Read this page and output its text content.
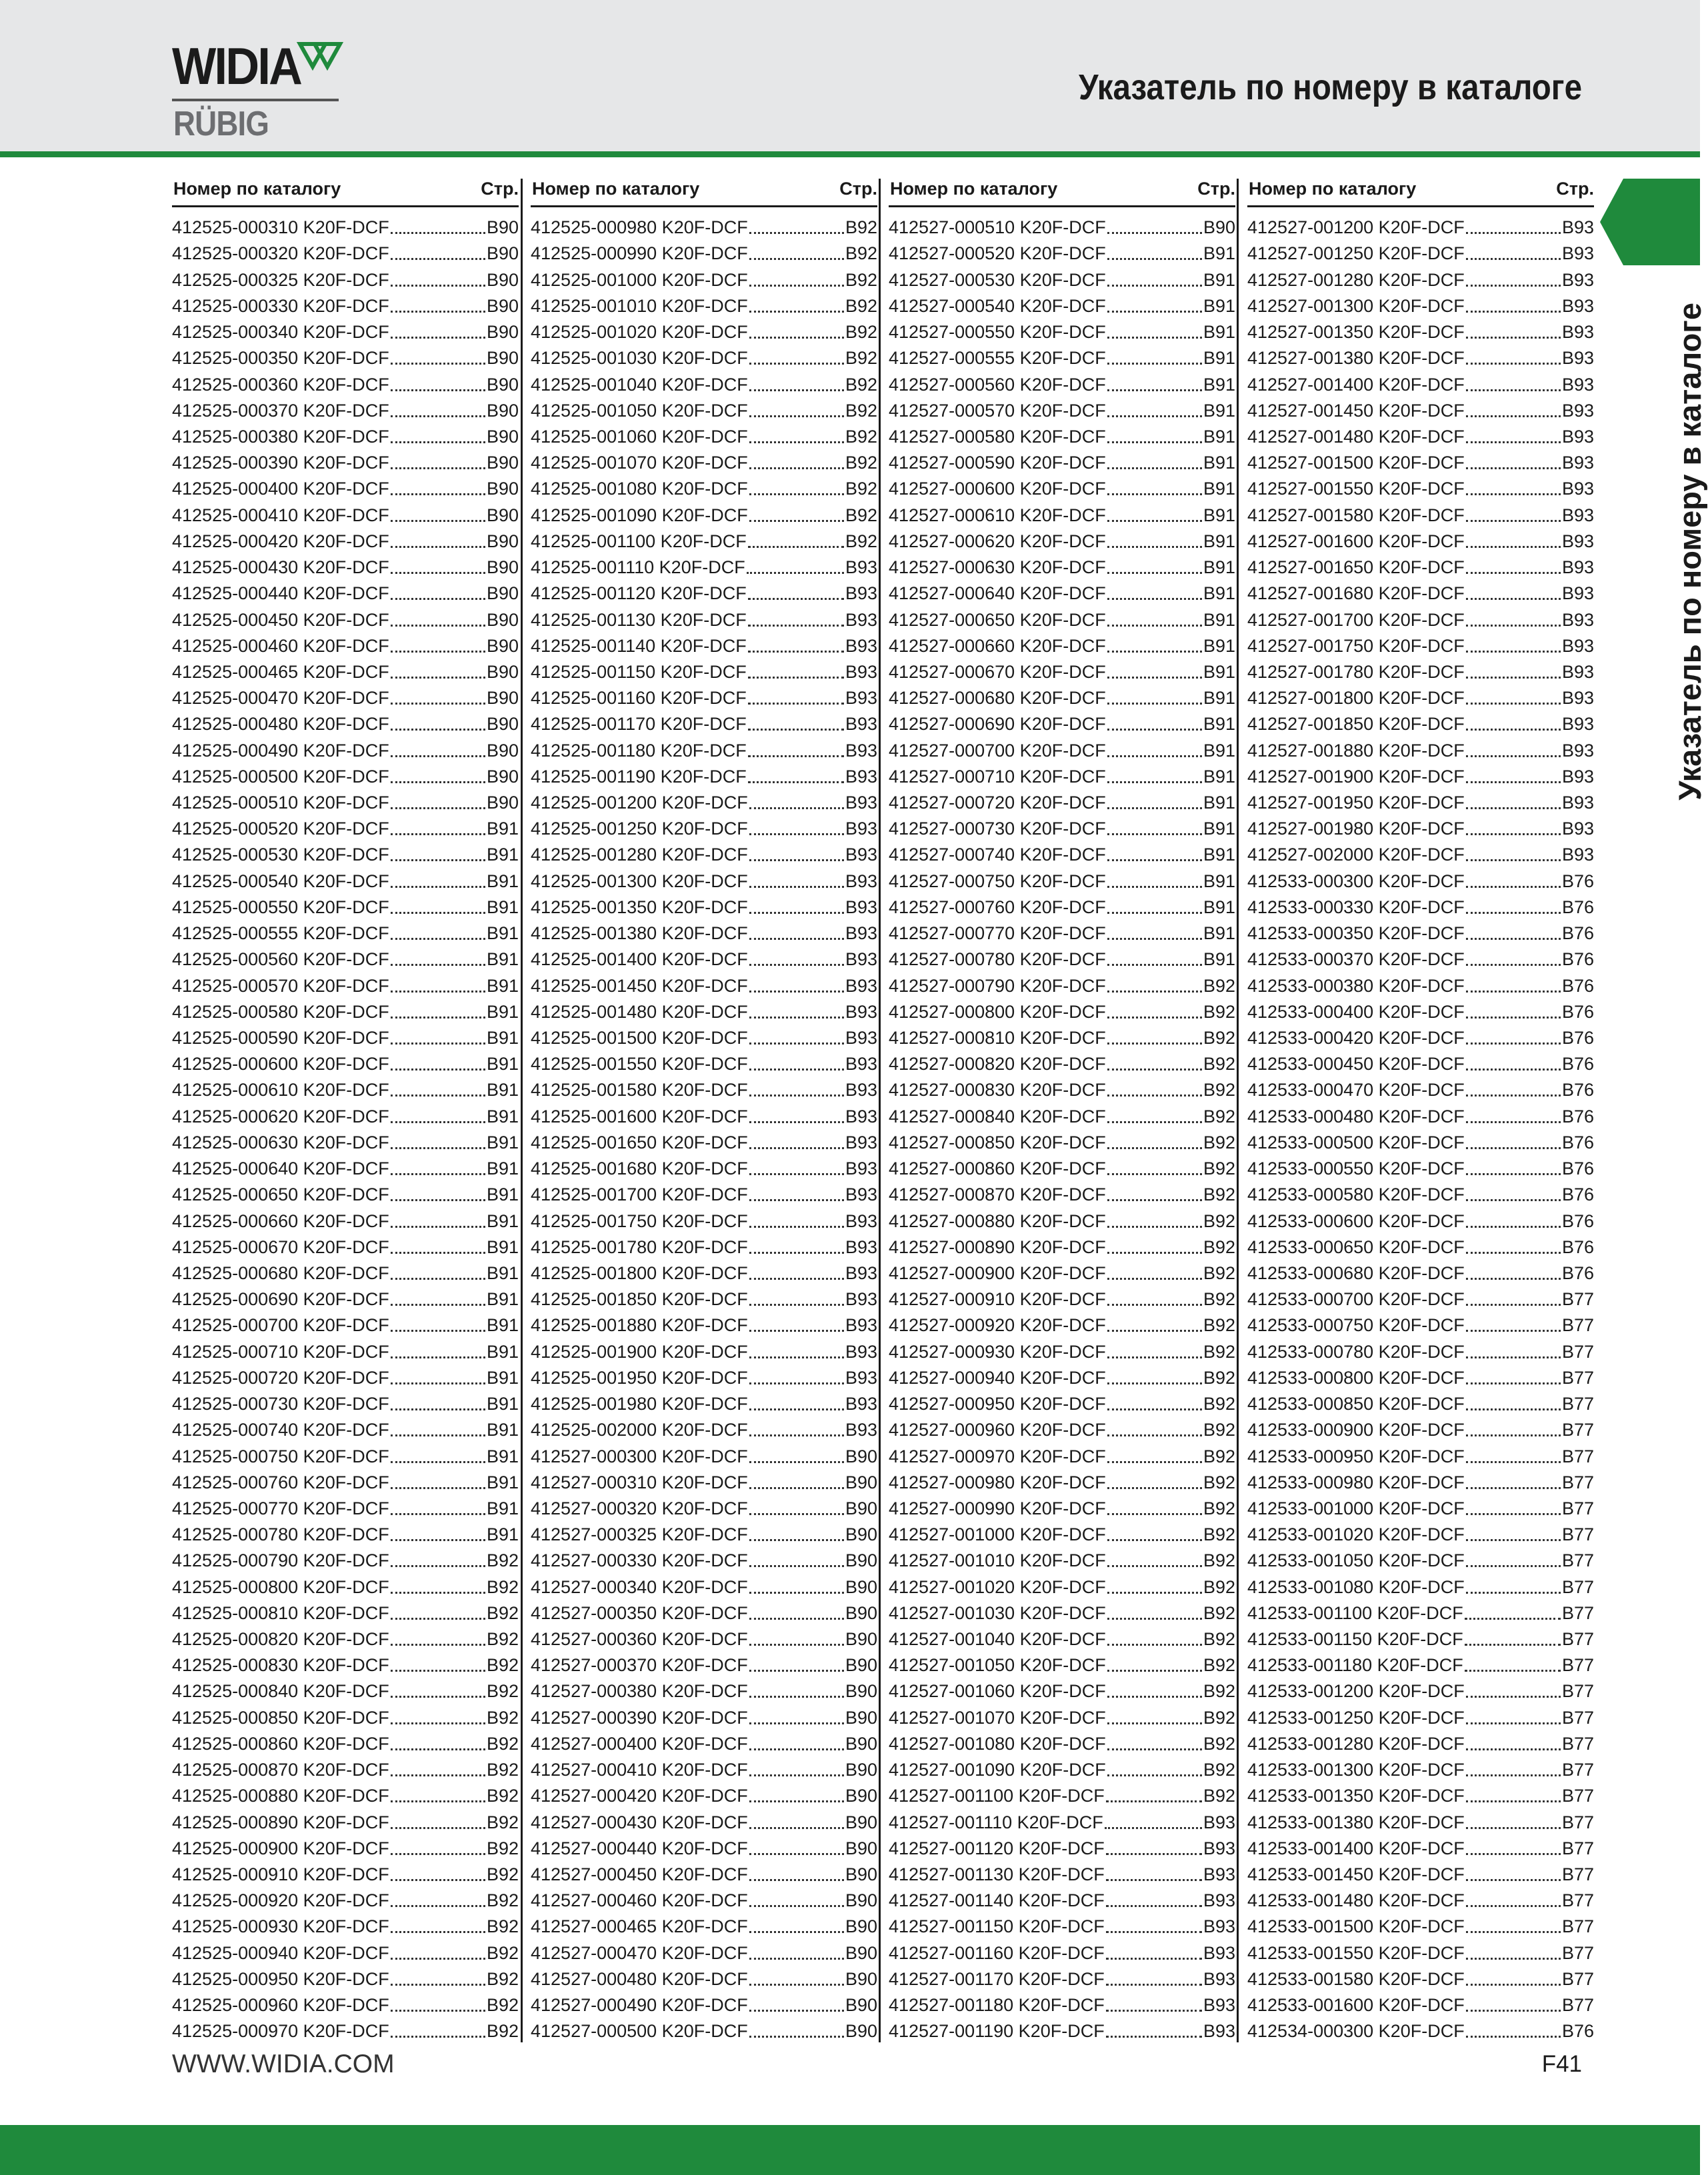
WIDIA
RÜBIG
Указатель по номеру в каталоге
Указатель по номеру в каталоге
Номер по каталогу	Стр.
412525-000310 K20F-DCF	B90
412525-000320 K20F-DCF	B90
412525-000325 K20F-DCF	B90
412525-000330 K20F-DCF	B90
412525-000340 K20F-DCF	B90
412525-000350 K20F-DCF	B90
412525-000360 K20F-DCF	B90
412525-000370 K20F-DCF	B90
412525-000380 K20F-DCF	B90
412525-000390 K20F-DCF	B90
412525-000400 K20F-DCF	B90
412525-000410 K20F-DCF	B90
412525-000420 K20F-DCF	B90
412525-000430 K20F-DCF	B90
412525-000440 K20F-DCF	B90
412525-000450 K20F-DCF	B90
412525-000460 K20F-DCF	B90
412525-000465 K20F-DCF	B90
412525-000470 K20F-DCF	B90
412525-000480 K20F-DCF	B90
412525-000490 K20F-DCF	B90
412525-000500 K20F-DCF	B90
412525-000510 K20F-DCF	B90
412525-000520 K20F-DCF	B91
412525-000530 K20F-DCF	B91
412525-000540 K20F-DCF	B91
412525-000550 K20F-DCF	B91
412525-000555 K20F-DCF	B91
412525-000560 K20F-DCF	B91
412525-000570 K20F-DCF	B91
412525-000580 K20F-DCF	B91
412525-000590 K20F-DCF	B91
412525-000600 K20F-DCF	B91
412525-000610 K20F-DCF	B91
412525-000620 K20F-DCF	B91
412525-000630 K20F-DCF	B91
412525-000640 K20F-DCF	B91
412525-000650 K20F-DCF	B91
412525-000660 K20F-DCF	B91
412525-000670 K20F-DCF	B91
412525-000680 K20F-DCF	B91
412525-000690 K20F-DCF	B91
412525-000700 K20F-DCF	B91
412525-000710 K20F-DCF	B91
412525-000720 K20F-DCF	B91
412525-000730 K20F-DCF	B91
412525-000740 K20F-DCF	B91
412525-000750 K20F-DCF	B91
412525-000760 K20F-DCF	B91
412525-000770 K20F-DCF	B91
412525-000780 K20F-DCF	B91
412525-000790 K20F-DCF	B92
412525-000800 K20F-DCF	B92
412525-000810 K20F-DCF	B92
412525-000820 K20F-DCF	B92
412525-000830 K20F-DCF	B92
412525-000840 K20F-DCF	B92
412525-000850 K20F-DCF	B92
412525-000860 K20F-DCF	B92
412525-000870 K20F-DCF	B92
412525-000880 K20F-DCF	B92
412525-000890 K20F-DCF	B92
412525-000900 K20F-DCF	B92
412525-000910 K20F-DCF	B92
412525-000920 K20F-DCF	B92
412525-000930 K20F-DCF	B92
412525-000940 K20F-DCF	B92
412525-000950 K20F-DCF	B92
412525-000960 K20F-DCF	B92
412525-000970 K20F-DCF	B92
Номер по каталогу	Стр.
412525-000980 K20F-DCF	B92
412525-000990 K20F-DCF	B92
412525-001000 K20F-DCF	B92
412525-001010 K20F-DCF	B92
412525-001020 K20F-DCF	B92
412525-001030 K20F-DCF	B92
412525-001040 K20F-DCF	B92
412525-001050 K20F-DCF	B92
412525-001060 K20F-DCF	B92
412525-001070 K20F-DCF	B92
412525-001080 K20F-DCF	B92
412525-001090 K20F-DCF	B92
412525-001100 K20F-DCF	B92
412525-001110 K20F-DCF	B93
412525-001120 K20F-DCF	B93
412525-001130 K20F-DCF	B93
412525-001140 K20F-DCF	B93
412525-001150 K20F-DCF	B93
412525-001160 K20F-DCF	B93
412525-001170 K20F-DCF	B93
412525-001180 K20F-DCF	B93
412525-001190 K20F-DCF	B93
412525-001200 K20F-DCF	B93
412525-001250 K20F-DCF	B93
412525-001280 K20F-DCF	B93
412525-001300 K20F-DCF	B93
412525-001350 K20F-DCF	B93
412525-001380 K20F-DCF	B93
412525-001400 K20F-DCF	B93
412525-001450 K20F-DCF	B93
412525-001480 K20F-DCF	B93
412525-001500 K20F-DCF	B93
412525-001550 K20F-DCF	B93
412525-001580 K20F-DCF	B93
412525-001600 K20F-DCF	B93
412525-001650 K20F-DCF	B93
412525-001680 K20F-DCF	B93
412525-001700 K20F-DCF	B93
412525-001750 K20F-DCF	B93
412525-001780 K20F-DCF	B93
412525-001800 K20F-DCF	B93
412525-001850 K20F-DCF	B93
412525-001880 K20F-DCF	B93
412525-001900 K20F-DCF	B93
412525-001950 K20F-DCF	B93
412525-001980 K20F-DCF	B93
412525-002000 K20F-DCF	B93
412527-000300 K20F-DCF	B90
412527-000310 K20F-DCF	B90
412527-000320 K20F-DCF	B90
412527-000325 K20F-DCF	B90
412527-000330 K20F-DCF	B90
412527-000340 K20F-DCF	B90
412527-000350 K20F-DCF	B90
412527-000360 K20F-DCF	B90
412527-000370 K20F-DCF	B90
412527-000380 K20F-DCF	B90
412527-000390 K20F-DCF	B90
412527-000400 K20F-DCF	B90
412527-000410 K20F-DCF	B90
412527-000420 K20F-DCF	B90
412527-000430 K20F-DCF	B90
412527-000440 K20F-DCF	B90
412527-000450 K20F-DCF	B90
412527-000460 K20F-DCF	B90
412527-000465 K20F-DCF	B90
412527-000470 K20F-DCF	B90
412527-000480 K20F-DCF	B90
412527-000490 K20F-DCF	B90
412527-000500 K20F-DCF	B90
Номер по каталогу	Стр.
412527-000510 K20F-DCF	B90
412527-000520 K20F-DCF	B91
412527-000530 K20F-DCF	B91
412527-000540 K20F-DCF	B91
412527-000550 K20F-DCF	B91
412527-000555 K20F-DCF	B91
412527-000560 K20F-DCF	B91
412527-000570 K20F-DCF	B91
412527-000580 K20F-DCF	B91
412527-000590 K20F-DCF	B91
412527-000600 K20F-DCF	B91
412527-000610 K20F-DCF	B91
412527-000620 K20F-DCF	B91
412527-000630 K20F-DCF	B91
412527-000640 K20F-DCF	B91
412527-000650 K20F-DCF	B91
412527-000660 K20F-DCF	B91
412527-000670 K20F-DCF	B91
412527-000680 K20F-DCF	B91
412527-000690 K20F-DCF	B91
412527-000700 K20F-DCF	B91
412527-000710 K20F-DCF	B91
412527-000720 K20F-DCF	B91
412527-000730 K20F-DCF	B91
412527-000740 K20F-DCF	B91
412527-000750 K20F-DCF	B91
412527-000760 K20F-DCF	B91
412527-000770 K20F-DCF	B91
412527-000780 K20F-DCF	B91
412527-000790 K20F-DCF	B92
412527-000800 K20F-DCF	B92
412527-000810 K20F-DCF	B92
412527-000820 K20F-DCF	B92
412527-000830 K20F-DCF	B92
412527-000840 K20F-DCF	B92
412527-000850 K20F-DCF	B92
412527-000860 K20F-DCF	B92
412527-000870 K20F-DCF	B92
412527-000880 K20F-DCF	B92
412527-000890 K20F-DCF	B92
412527-000900 K20F-DCF	B92
412527-000910 K20F-DCF	B92
412527-000920 K20F-DCF	B92
412527-000930 K20F-DCF	B92
412527-000940 K20F-DCF	B92
412527-000950 K20F-DCF	B92
412527-000960 K20F-DCF	B92
412527-000970 K20F-DCF	B92
412527-000980 K20F-DCF	B92
412527-000990 K20F-DCF	B92
412527-001000 K20F-DCF	B92
412527-001010 K20F-DCF	B92
412527-001020 K20F-DCF	B92
412527-001030 K20F-DCF	B92
412527-001040 K20F-DCF	B92
412527-001050 K20F-DCF	B92
412527-001060 K20F-DCF	B92
412527-001070 K20F-DCF	B92
412527-001080 K20F-DCF	B92
412527-001090 K20F-DCF	B92
412527-001100 K20F-DCF	B92
412527-001110 K20F-DCF	B93
412527-001120 K20F-DCF	B93
412527-001130 K20F-DCF	B93
412527-001140 K20F-DCF	B93
412527-001150 K20F-DCF	B93
412527-001160 K20F-DCF	B93
412527-001170 K20F-DCF	B93
412527-001180 K20F-DCF	B93
412527-001190 K20F-DCF	B93
Номер по каталогу	Стр.
412527-001200 K20F-DCF	B93
412527-001250 K20F-DCF	B93
412527-001280 K20F-DCF	B93
412527-001300 K20F-DCF	B93
412527-001350 K20F-DCF	B93
412527-001380 K20F-DCF	B93
412527-001400 K20F-DCF	B93
412527-001450 K20F-DCF	B93
412527-001480 K20F-DCF	B93
412527-001500 K20F-DCF	B93
412527-001550 K20F-DCF	B93
412527-001580 K20F-DCF	B93
412527-001600 K20F-DCF	B93
412527-001650 K20F-DCF	B93
412527-001680 K20F-DCF	B93
412527-001700 K20F-DCF	B93
412527-001750 K20F-DCF	B93
412527-001780 K20F-DCF	B93
412527-001800 K20F-DCF	B93
412527-001850 K20F-DCF	B93
412527-001880 K20F-DCF	B93
412527-001900 K20F-DCF	B93
412527-001950 K20F-DCF	B93
412527-001980 K20F-DCF	B93
412527-002000 K20F-DCF	B93
412533-000300 K20F-DCF	B76
412533-000330 K20F-DCF	B76
412533-000350 K20F-DCF	B76
412533-000370 K20F-DCF	B76
412533-000380 K20F-DCF	B76
412533-000400 K20F-DCF	B76
412533-000420 K20F-DCF	B76
412533-000450 K20F-DCF	B76
412533-000470 K20F-DCF	B76
412533-000480 K20F-DCF	B76
412533-000500 K20F-DCF	B76
412533-000550 K20F-DCF	B76
412533-000580 K20F-DCF	B76
412533-000600 K20F-DCF	B76
412533-000650 K20F-DCF	B76
412533-000680 K20F-DCF	B76
412533-000700 K20F-DCF	B77
412533-000750 K20F-DCF	B77
412533-000780 K20F-DCF	B77
412533-000800 K20F-DCF	B77
412533-000850 K20F-DCF	B77
412533-000900 K20F-DCF	B77
412533-000950 K20F-DCF	B77
412533-000980 K20F-DCF	B77
412533-001000 K20F-DCF	B77
412533-001020 K20F-DCF	B77
412533-001050 K20F-DCF	B77
412533-001080 K20F-DCF	B77
412533-001100 K20F-DCF	B77
412533-001150 K20F-DCF	B77
412533-001180 K20F-DCF	B77
412533-001200 K20F-DCF	B77
412533-001250 K20F-DCF	B77
412533-001280 K20F-DCF	B77
412533-001300 K20F-DCF	B77
412533-001350 K20F-DCF	B77
412533-001380 K20F-DCF	B77
412533-001400 K20F-DCF	B77
412533-001450 K20F-DCF	B77
412533-001480 K20F-DCF	B77
412533-001500 K20F-DCF	B77
412533-001550 K20F-DCF	B77
412533-001580 K20F-DCF	B77
412533-001600 K20F-DCF	B77
412534-000300 K20F-DCF	B76
WWW.WIDIA.COM	F41
